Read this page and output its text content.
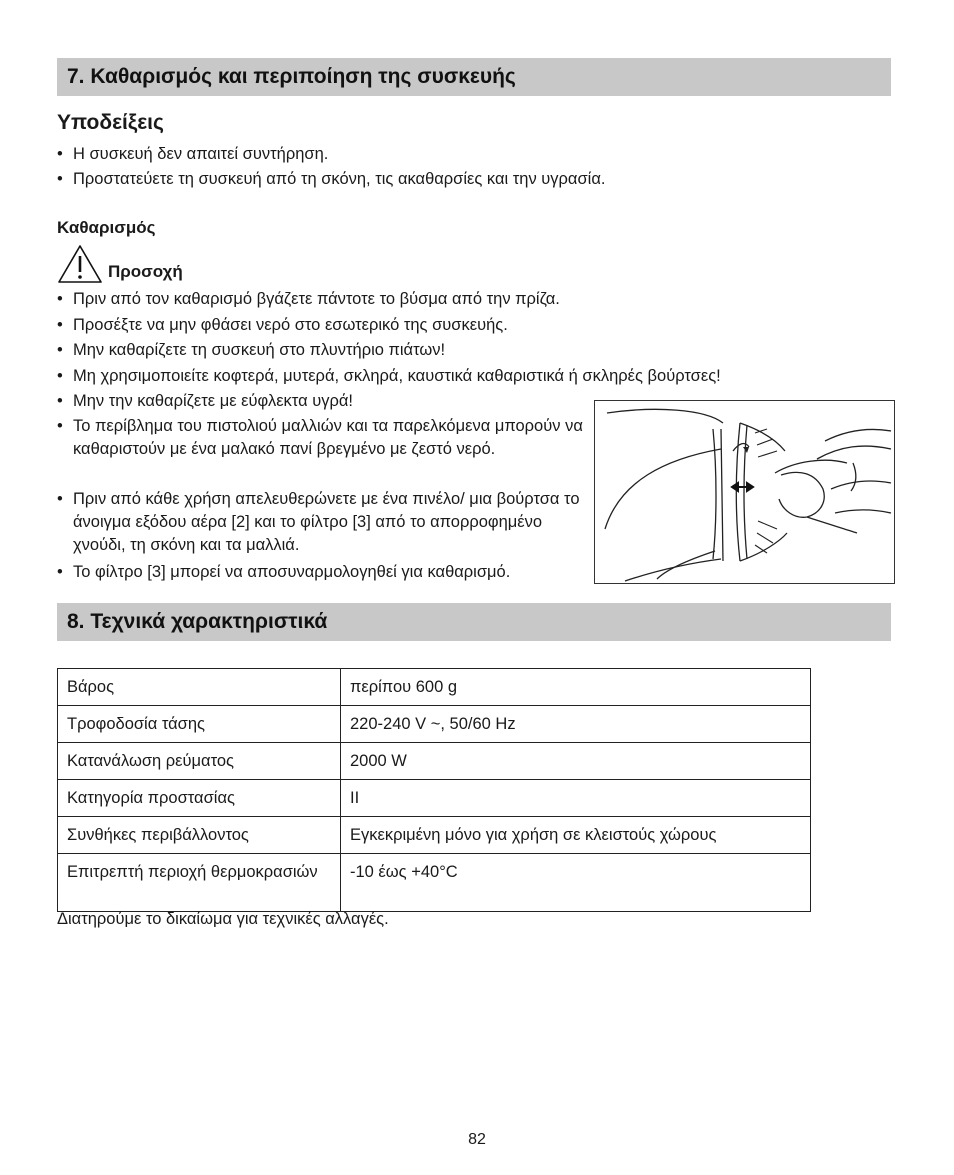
7. Καθαρισμός και περιποίηση της συσκευής
Υποδείξεις
• Η συσκευή δεν απαιτεί συντήρηση.
• Προστατεύετε τη συσκευή από τη σκόνη, τις ακαθαρσίες και την υγρασία.
Καθαρισμός
Προσοχή
• Πριν από τον καθαρισμό βγάζετε πάντοτε το βύσμα από την πρίζα.
• Προσέξτε να μην φθάσει νερό στο εσωτερικό της συσκευής.
• Μην καθαρίζετε τη συσκευή στο πλυντήριο πιάτων!
• Μη χρησιμοποιείτε κοφτερά, μυτερά, σκληρά, καυστικά καθαριστικά ή σκληρές βούρτσες!
• Μην την καθαρίζετε με εύφλεκτα υγρά!
• Το περίβλημα του πιστολιού μαλλιών και τα παρελκόμενα μπορούν να καθαριστούν με ένα μαλακό πανί βρεγμένο με ζεστό νερό.
• Πριν από κάθε χρήση απελευθερώνετε με ένα πινέλο/ μια βούρτσα το άνοιγμα εξόδου αέρα [2] και το φίλτρο [3] από το απορροφημένο χνούδι, τη σκόνη και τα μαλλιά.
• Το φίλτρο [3] μπορεί να αποσυναρμολογηθεί για καθαρισμό.
8. Τεχνικά χαρακτηριστικά
Βάρος	περίπου 600 g
Τροφοδοσία τάσης	220-240 V ~, 50/60 Hz
Κατανάλωση ρεύματος	2000 W
Κατηγορία προστασίας	II
Συνθήκες περιβάλλοντος	Εγκεκριμένη μόνο για χρήση σε κλειστούς χώρους
Επιτρεπτή περιοχή θερμοκρασιών	-10 έως +40°C
Διατηρούμε το δικαίωμα για τεχνικές αλλαγές.
82
